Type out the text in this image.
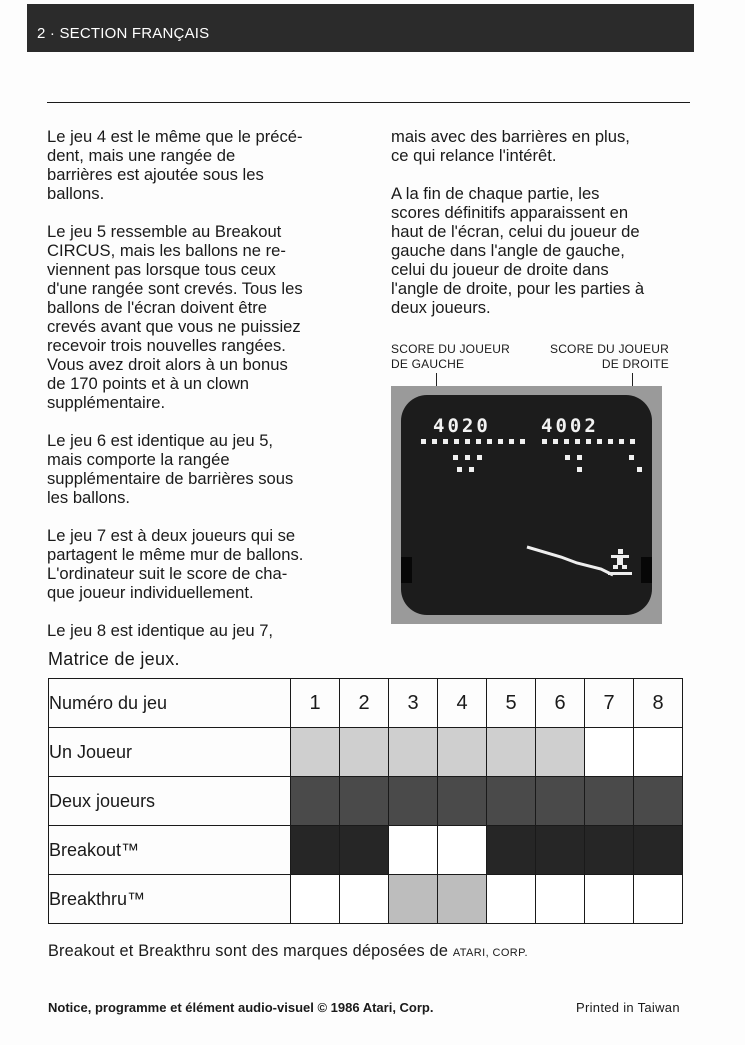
2 · SECTION FRANÇAIS

Le jeu 4 est le même que le précé-
dent, mais une rangée de
barrières est ajoutée sous les
ballons.

Le jeu 5 ressemble au Breakout
CIRCUS, mais les ballons ne re-
viennent pas lorsque tous ceux
d'une rangée sont crevés. Tous les
ballons de l'écran doivent être
crevés avant que vous ne puissiez
recevoir trois nouvelles rangées.
Vous avez droit alors à un bonus
de 170 points et à un clown
supplémentaire.

Le jeu 6 est identique au jeu 5,
mais comporte la rangée
supplémentaire de barrières sous
les ballons.

Le jeu 7 est à deux joueurs qui se
partagent le même mur de ballons.
L'ordinateur suit le score de cha-
que joueur individuellement.

Le jeu 8 est identique au jeu 7,

mais avec des barrières en plus,
ce qui relance l'intérêt.

A la fin de chaque partie, les
scores définitifs apparaissent en
haut de l'écran, celui du joueur de
gauche dans l'angle de gauche,
celui du joueur de droite dans
l'angle de droite, pour les parties à
deux joueurs.

SCORE DU JOUEUR
DE GAUCHE
SCORE DU JOUEUR
DE DROITE
4020	4002
Matrice de jeux.
Numéro du jeu	1	2	3	4	5	6	7	8
Un Joueur								
Deux joueurs								
Breakout™								
Breakthru™								
Breakout et Breakthru sont des marques déposées de ATARI, CORP.
Notice, programme et élément audio-visuel © 1986 Atari, Corp.	Printed in Taiwan
